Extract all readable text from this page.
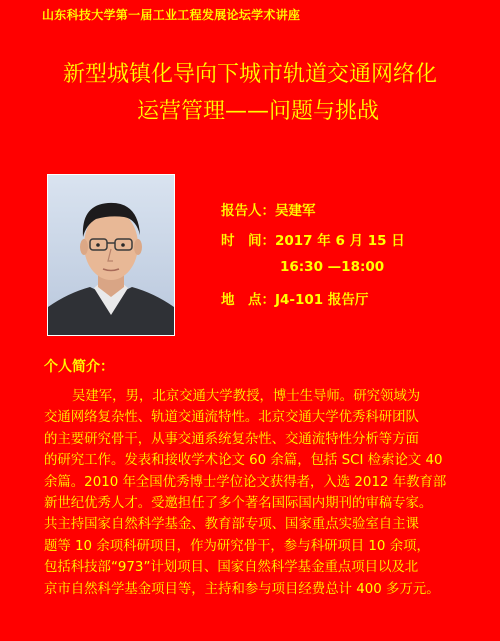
山东科技大学第一届工业工程发展论坛学术讲座
新型城镇化导向下城市轨道交通网络化
运营管理——问题与挑战
报告人：吴建军
时　间：2017 年 6 月 15 日
16:30 —18:00
地　点：J4-101 报告厅
个人简介：
吴建军，男，北京交通大学教授，博士生导师。研究领域为
交通网络复杂性、轨道交通流特性。北京交通大学优秀科研团队
的主要研究骨干，从事交通系统复杂性、交通流特性分析等方面
的研究工作。发表和接收学术论文 60 余篇，包括 SCI 检索论文 40
余篇。2010 年全国优秀博士学位论文获得者，入选 2012 年教育部
新世纪优秀人才。受邀担任了多个著名国际国内期刊的审稿专家。
共主持国家自然科学基金、教育部专项、国家重点实验室自主课
题等 10 余项科研项目，作为研究骨干，参与科研项目 10 余项，
包括科技部“973”计划项目、国家自然科学基金重点项目以及北
京市自然科学基金项目等，主持和参与项目经费总计 400 多万元。
